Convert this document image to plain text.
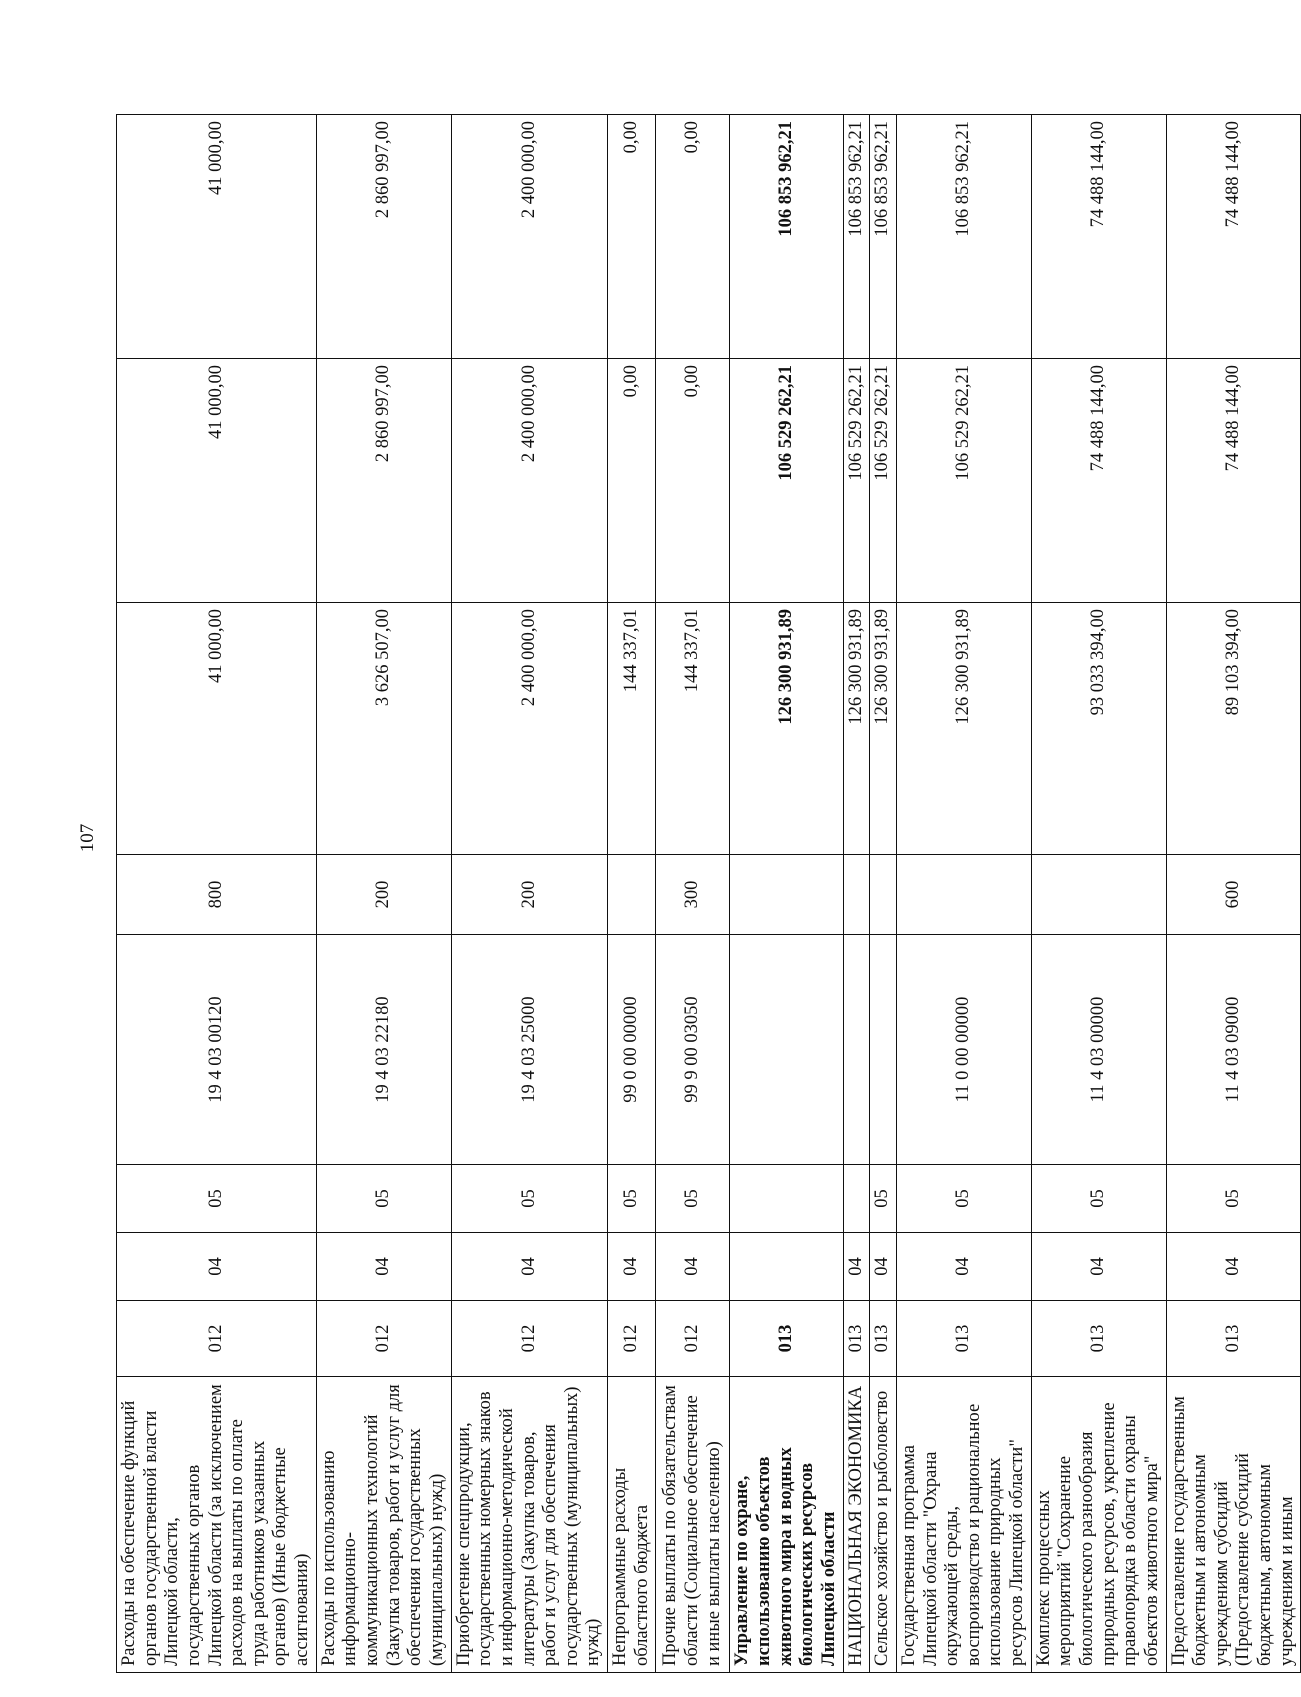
107
Расходы на обеспечение функций органов государственной власти Липецкой области, государственных органов Липецкой области (за исключением расходов на выплаты по оплате труда работников указанных органов) (Иные бюджетные ассигнования)	012	04	05	19 4 03 00120	800	41 000,00	41 000,00	41 000,00
Расходы по использованию информационно-коммуникационных технологий (Закупка товаров, работ и услуг для обеспечения государственных (муниципальных) нужд)	012	04	05	19 4 03 22180	200	3 626 507,00	2 860 997,00	2 860 997,00
Приобретение спецпродукции, государственных номерных знаков и информационно-методической литературы (Закупка товаров, работ и услуг для обеспечения государственных (муниципальных) нужд)	012	04	05	19 4 03 25000	200	2 400 000,00	2 400 000,00	2 400 000,00
Непрограммные расходы областного бюджета	012	04	05	99 0 00 00000		144 337,01	0,00	0,00
Прочие выплаты по обязательствам области (Социальное обеспечение и иные выплаты населению)	012	04	05	99 9 00 03050	300	144 337,01	0,00	0,00
Управление по охране, использованию объектов животного мира и водных биологических ресурсов Липецкой области	013					126 300 931,89	106 529 262,21	106 853 962,21
НАЦИОНАЛЬНАЯ ЭКОНОМИКА	013	04				126 300 931,89	106 529 262,21	106 853 962,21
Сельское хозяйство и рыболовство	013	04	05			126 300 931,89	106 529 262,21	106 853 962,21
Государственная программа Липецкой области "Охрана окружающей среды, воспроизводство и рациональное использование природных ресурсов Липецкой области"	013	04	05	11 0 00 00000		126 300 931,89	106 529 262,21	106 853 962,21
Комплекс процессных мероприятий "Сохранение биологического разнообразия природных ресурсов, укрепление правопорядка в области охраны объектов животного мира"	013	04	05	11 4 03 00000		93 033 394,00	74 488 144,00	74 488 144,00
Предоставление государственным бюджетным и автономным учреждениям субсидий (Предоставление субсидий бюджетным, автономным учреждениям и иным	013	04	05	11 4 03 09000	600	89 103 394,00	74 488 144,00	74 488 144,00
